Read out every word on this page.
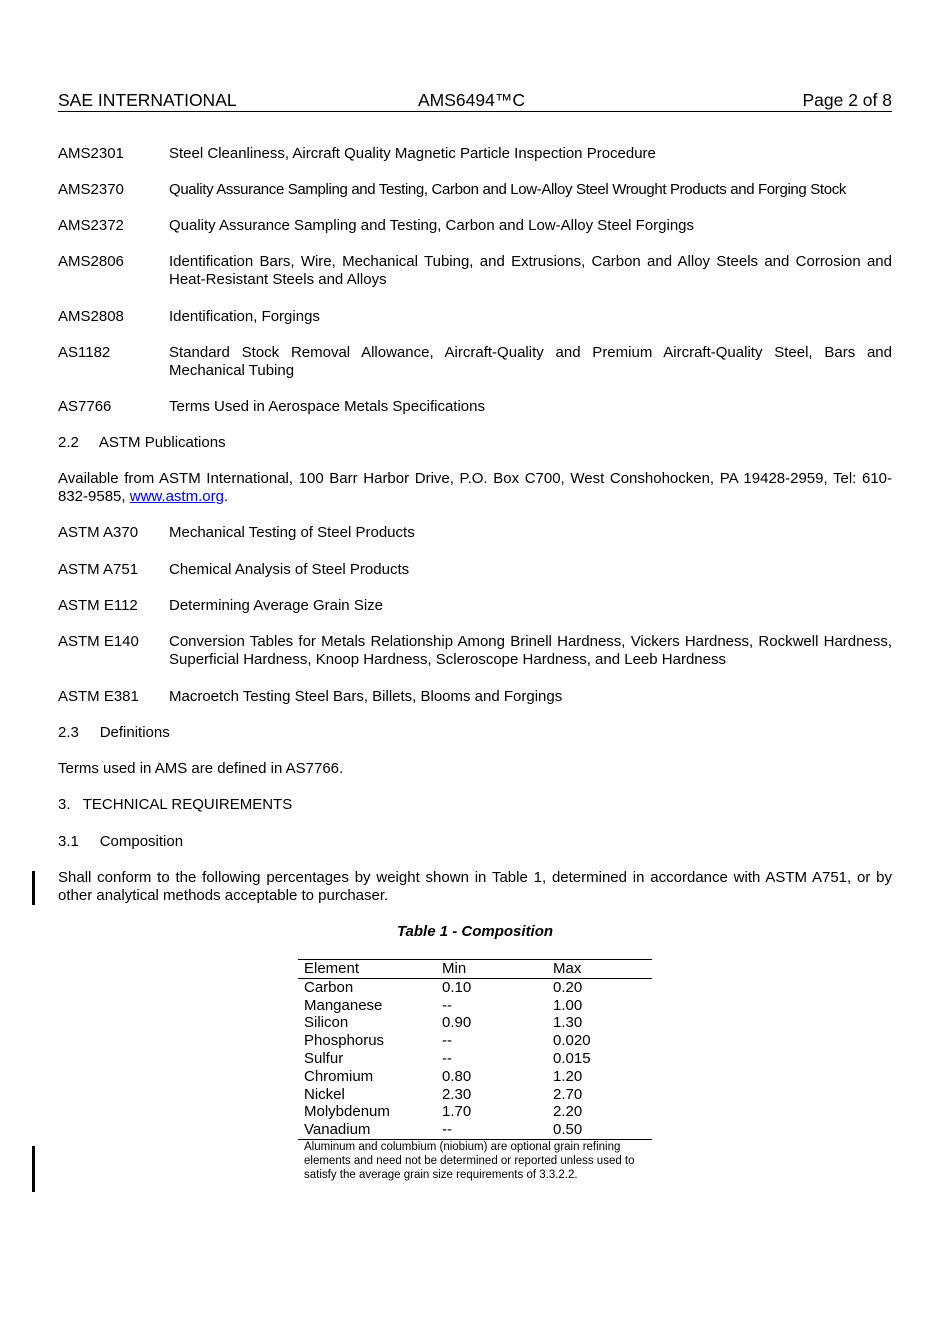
SAE INTERNATIONAL	AMS6494™C	Page 2 of 8
AMS2301	Steel Cleanliness, Aircraft Quality Magnetic Particle Inspection Procedure
AMS2370	Quality Assurance Sampling and Testing, Carbon and Low-Alloy Steel Wrought Products and Forging Stock
AMS2372	Quality Assurance Sampling and Testing, Carbon and Low-Alloy Steel Forgings
AMS2806	Identification Bars, Wire, Mechanical Tubing, and Extrusions, Carbon and Alloy Steels and Corrosion and Heat-Resistant Steels and Alloys
AMS2808	Identification, Forgings
AS1182	Standard Stock Removal Allowance, Aircraft-Quality and Premium Aircraft-Quality Steel, Bars and Mechanical Tubing
AS7766	Terms Used in Aerospace Metals Specifications
2.2     ASTM Publications
Available from ASTM International, 100 Barr Harbor Drive, P.O. Box C700, West Conshohocken, PA 19428-2959, Tel: 610-832-9585, www.astm.org.
ASTM A370 Mechanical Testing of Steel Products
ASTM A751 Chemical Analysis of Steel Products
ASTM E112 Determining Average Grain Size
ASTM E140 Conversion Tables for Metals Relationship Among Brinell Hardness, Vickers Hardness, Rockwell Hardness, Superficial Hardness, Knoop Hardness, Scleroscope Hardness, and Leeb Hardness
ASTM E381 Macroetch Testing Steel Bars, Billets, Blooms and Forgings
2.3     Definitions
Terms used in AMS are defined in AS7766.
3.   TECHNICAL REQUIREMENTS
3.1     Composition
Shall conform to the following percentages by weight shown in Table 1, determined in accordance with ASTM A751, or by other analytical methods acceptable to purchaser.
Table 1 - Composition
Element	Min	Max
Carbon	0.10	0.20
Manganese	--	1.00
Silicon	0.90	1.30
Phosphorus	--	0.020
Sulfur	--	0.015
Chromium	0.80	1.20
Nickel	2.30	2.70
Molybdenum	1.70	2.20
Vanadium	--	0.50
Aluminum and columbium (niobium) are optional grain refining elements and need not be determined or reported unless used to satisfy the average grain size requirements of 3.3.2.2.		
